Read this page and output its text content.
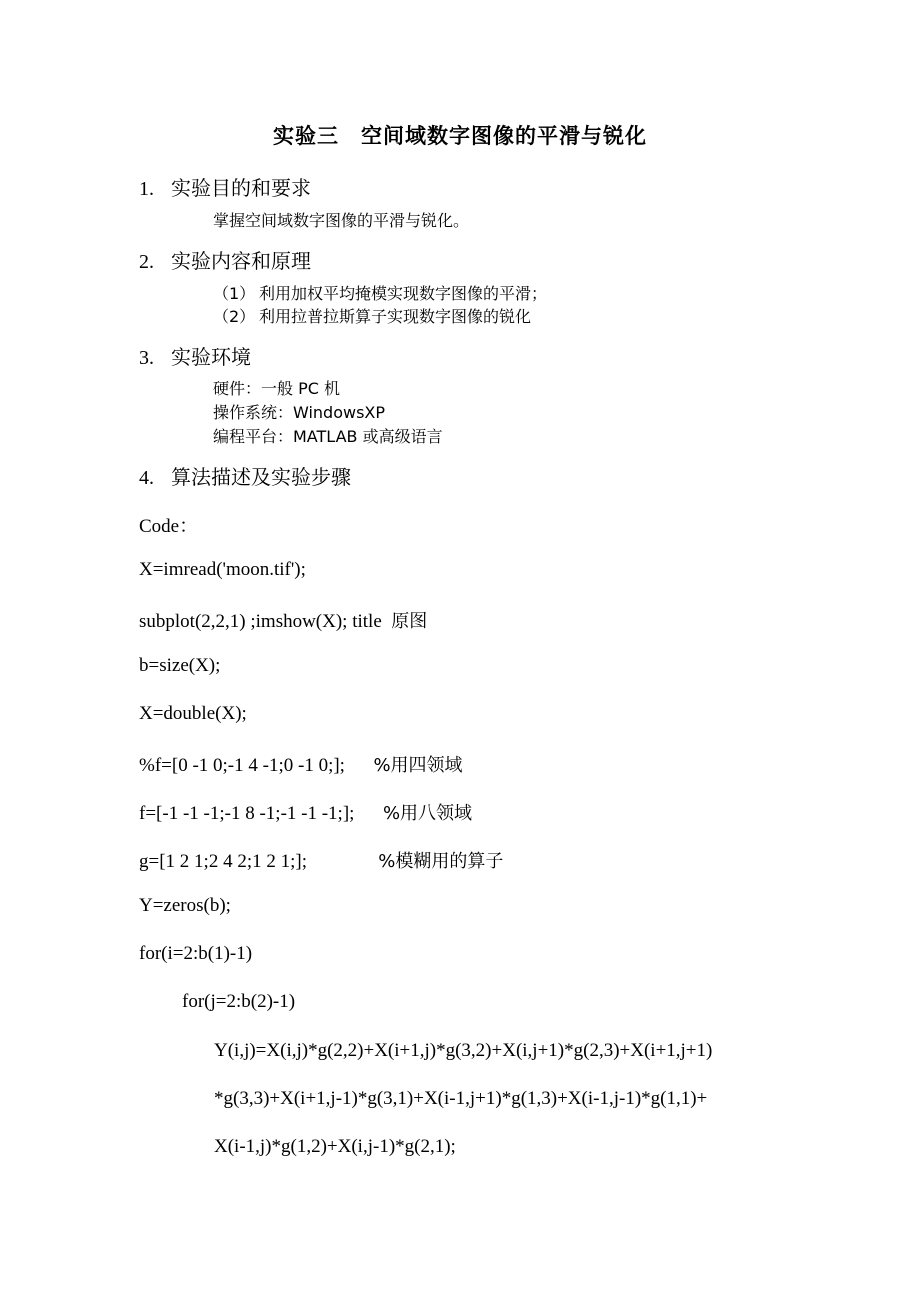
实验三　空间域数字图像的平滑与锐化
1. 实验目的和要求
掌握空间域数字图像的平滑与锐化。
2. 实验内容和原理
（1） 利用加权平均掩模实现数字图像的平滑；
（2） 利用拉普拉斯算子实现数字图像的锐化
3. 实验环境
硬件：一般 PC 机
操作系统：WindowsXP
编程平台：MATLAB 或高级语言
4. 算法描述及实验步骤
Code：
X=imread('moon.tif');
subplot(2,2,1) ;imshow(X); title  原图
b=size(X);
X=double(X);
%f=[0 -1 0;-1 4 -1;0 -1 0;];      %用四领域
f=[-1 -1 -1;-1 8 -1;-1 -1 -1;];      %用八领域
g=[1 2 1;2 4 2;1 2 1;];               %模糊用的算子
Y=zeros(b);
for(i=2:b(1)-1)
for(j=2:b(2)-1)
Y(i,j)=X(i,j)*g(2,2)+X(i+1,j)*g(3,2)+X(i,j+1)*g(2,3)+X(i+1,j+1)
*g(3,3)+X(i+1,j-1)*g(3,1)+X(i-1,j+1)*g(1,3)+X(i-1,j-1)*g(1,1)+
X(i-1,j)*g(1,2)+X(i,j-1)*g(2,1);
